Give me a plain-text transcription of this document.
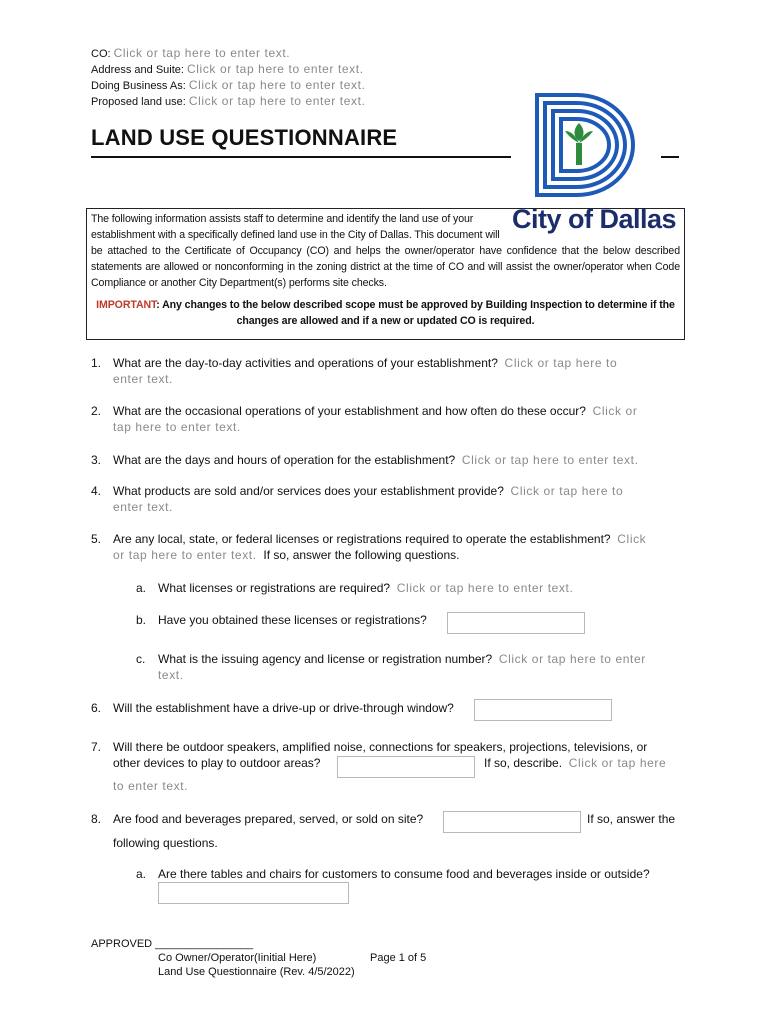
CO: Click or tap here to enter text.
Address and Suite: Click or tap here to enter text.
Doing Business As: Click or tap here to enter text.
Proposed land use: Click or tap here to enter text.
LAND USE QUESTIONNAIRE
City of Dallas
The following information assists staff to determine and identify the land use of your
establishment with a specifically defined land use in the City of Dallas. This document will
be attached to the Certificate of Occupancy (CO) and helps the owner/operator have confidence that the below described statements are allowed or nonconforming in the zoning district at the time of CO and will assist the owner/operator when Code Compliance or another City Department(s) performs site checks.
IMPORTANT: Any changes to the below described scope must be approved by Building Inspection to determine if the changes are allowed and if a new or updated CO is required.
1. What are the day-to-day activities and operations of your establishment? Click or tap here to
enter text.
2. What are the occasional operations of your establishment and how often do these occur? Click or
tap here to enter text.
3. What are the days and hours of operation for the establishment? Click or tap here to enter text.
4. What products are sold and/or services does your establishment provide? Click or tap here to
enter text.
5. Are any local, state, or federal licenses or registrations required to operate the establishment? Click
or tap here to enter text. If so, answer the following questions.
a. What licenses or registrations are required? Click or tap here to enter text.
b. Have you obtained these licenses or registrations?
c.	What is the issuing agency and license or registration number? Click or tap here to enter
text.
6. Will the establishment have a drive-up or drive-through window?
7. Will there be outdoor speakers, amplified noise, connections for speakers, projections, televisions, or
other devices to play to outdoor areas?	If so, describe. Click or tap here
to enter text.
8. Are food and beverages prepared, served, or sold on site?	If so, answer the
following questions.
a. Are there tables and chairs for customers to consume food and beverages inside or outside?
APPROVED ________________
Co Owner/Operator(Iinitial Here)	Page 1 of 5
Land Use Questionnaire (Rev. 4/5/2022)
